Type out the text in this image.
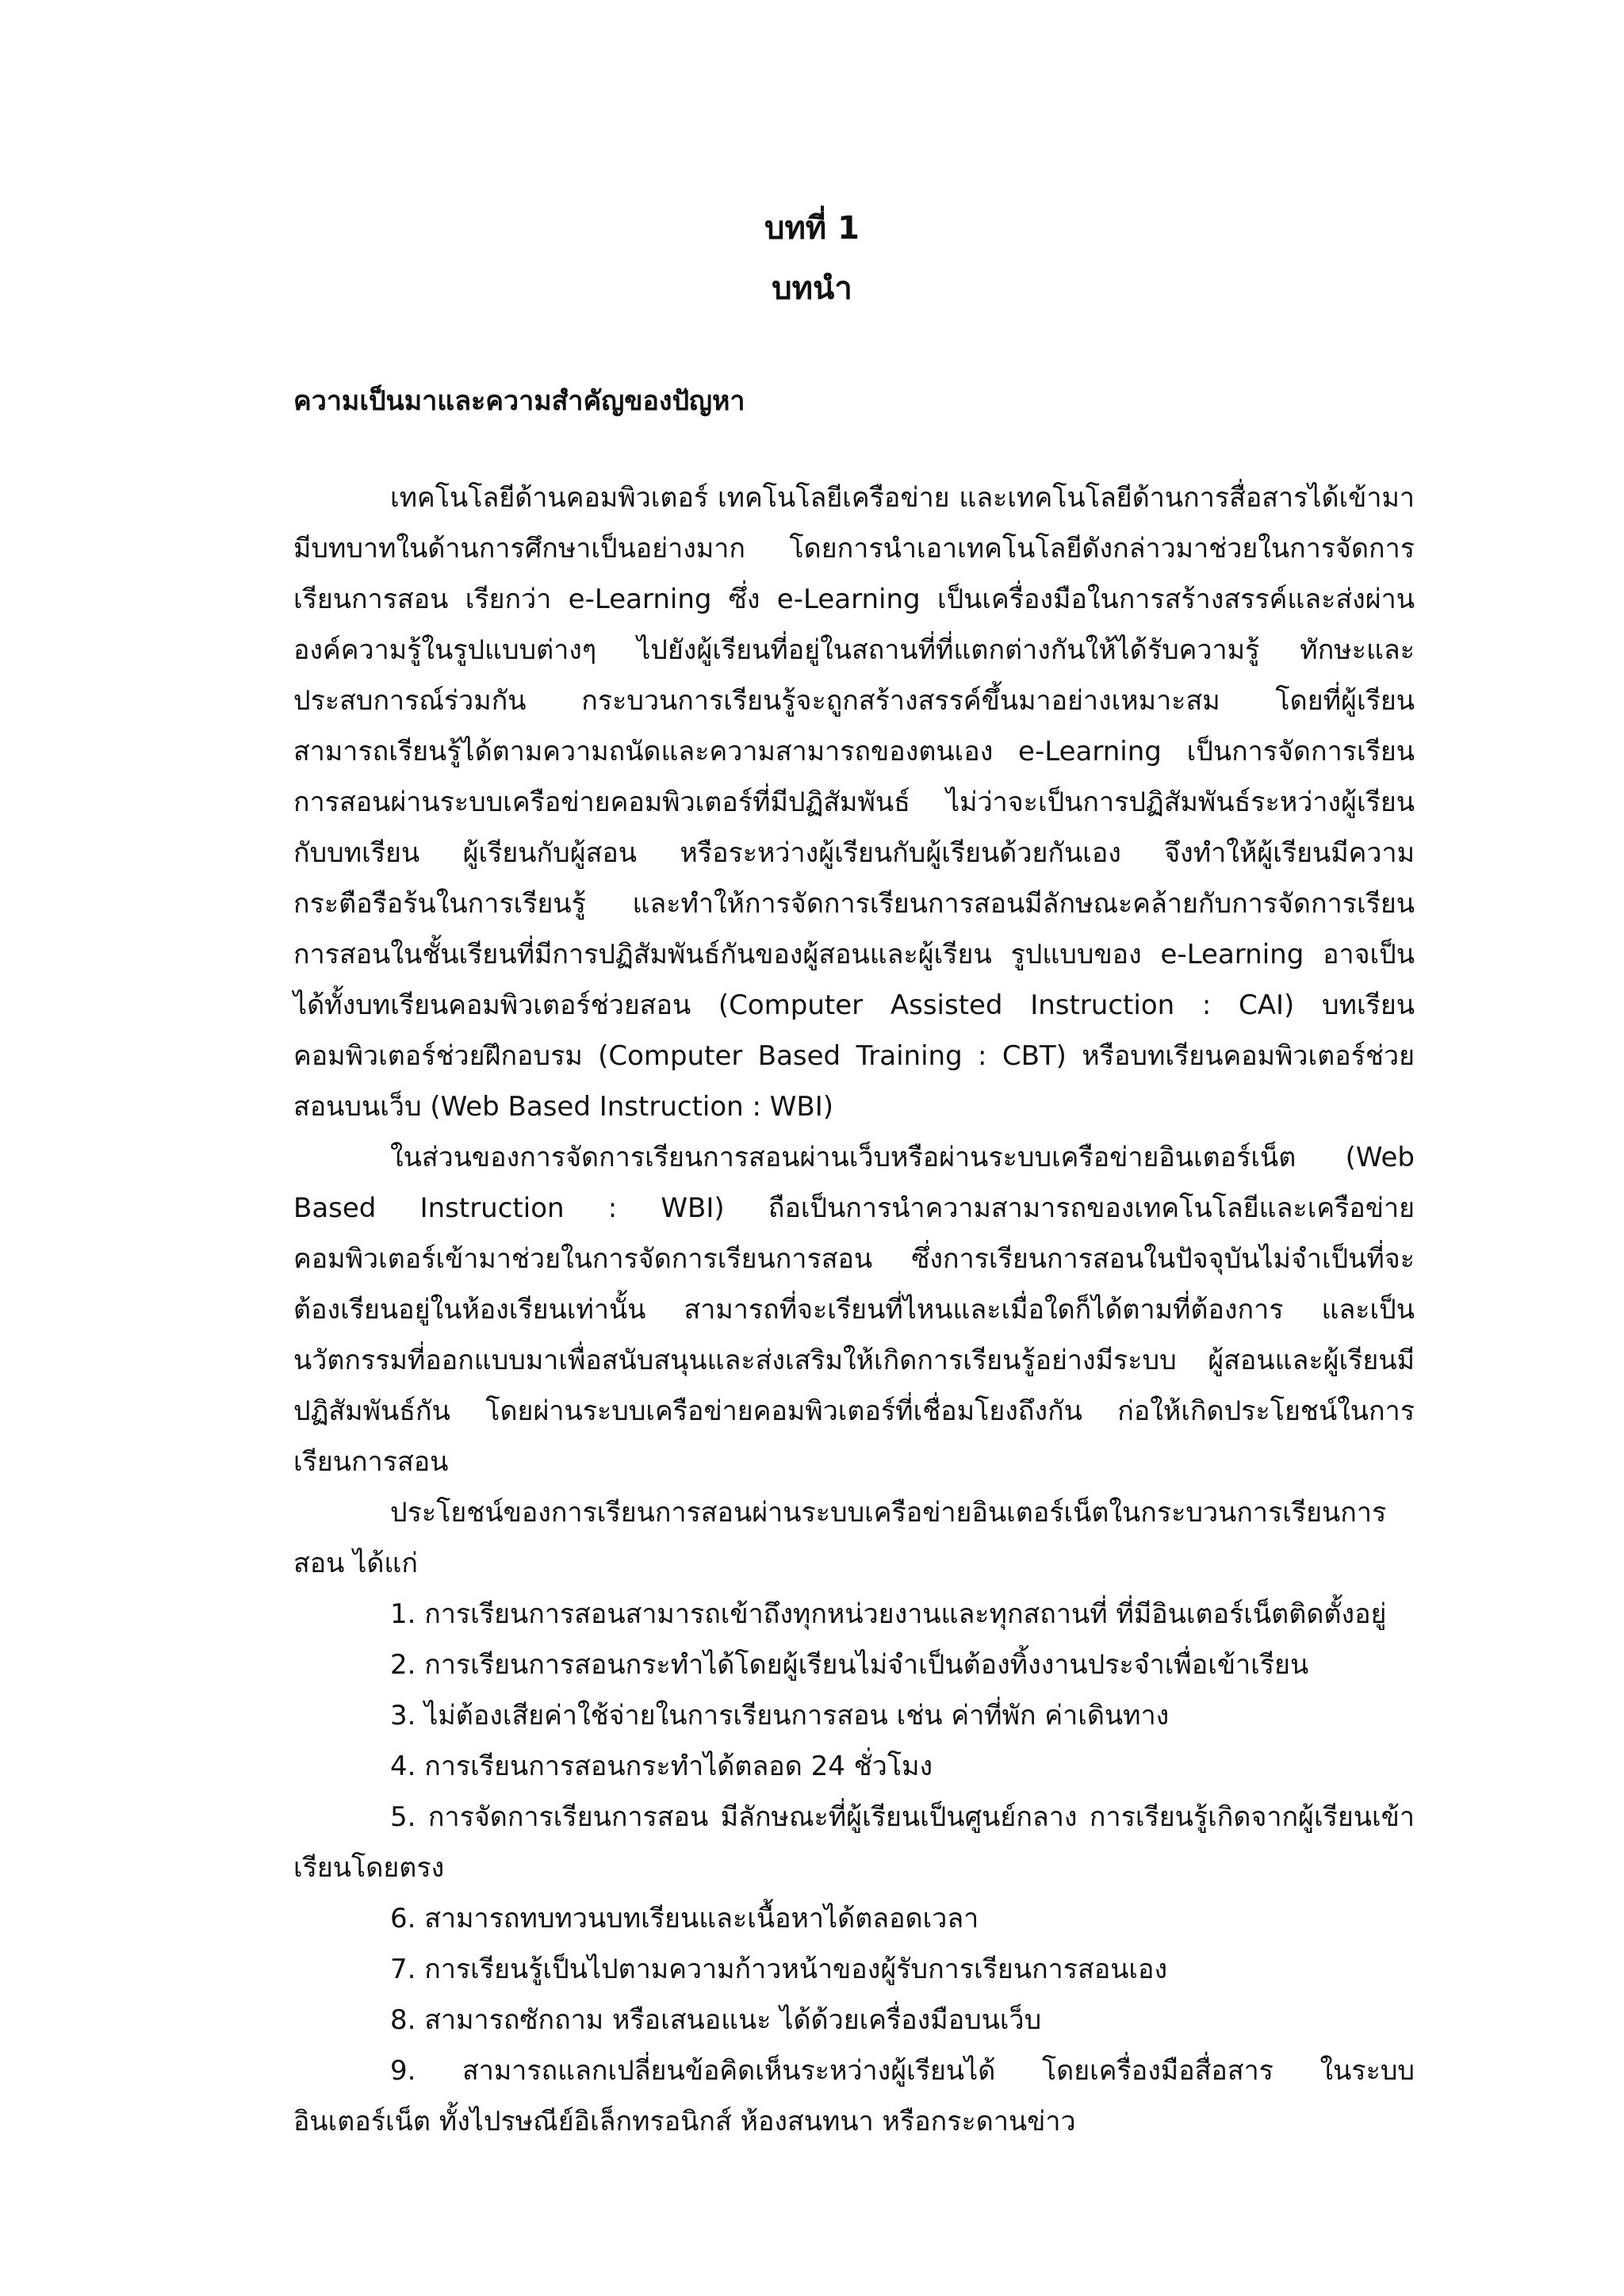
บทที่ 1
บทนำ
ความเป็นมาและความสำคัญของปัญหา

เทคโนโลยีด้านคอมพิวเตอร์ เทคโนโลยีเครือข่าย และเทคโนโลยีด้านการสื่อสารได้เข้ามามีบทบาทในด้านการศึกษาเป็นอย่างมาก โดยการนำเอาเทคโนโลยีดังกล่าวมาช่วยในการจัดการเรียนการสอน เรียกว่า e-Learning ซึ่ง e-Learning เป็นเครื่องมือในการสร้างสรรค์และส่งผ่านองค์ความรู้ในรูปแบบต่างๆ ไปยังผู้เรียนที่อยู่ในสถานที่ที่แตกต่างกันให้ได้รับความรู้ ทักษะและประสบการณ์ร่วมกัน กระบวนการเรียนรู้จะถูกสร้างสรรค์ขึ้นมาอย่างเหมาะสม โดยที่ผู้เรียนสามารถเรียนรู้ได้ตามความถนัดและความสามารถของตนเอง e-Learning เป็นการจัดการเรียนการสอนผ่านระบบเครือข่ายคอมพิวเตอร์ที่มีปฏิสัมพันธ์ ไม่ว่าจะเป็นการปฏิสัมพันธ์ระหว่างผู้เรียนกับบทเรียน ผู้เรียนกับผู้สอน หรือระหว่างผู้เรียนกับผู้เรียนด้วยกันเอง จึงทำให้ผู้เรียนมีความกระตือรือร้นในการเรียนรู้ และทำให้การจัดการเรียนการสอนมีลักษณะคล้ายกับการจัดการเรียนการสอนในชั้นเรียนที่มีการปฏิสัมพันธ์กันของผู้สอนและผู้เรียน รูปแบบของ e-Learning อาจเป็นได้ทั้งบทเรียนคอมพิวเตอร์ช่วยสอน (Computer Assisted Instruction : CAI) บทเรียนคอมพิวเตอร์ช่วยฝึกอบรม (Computer Based Training : CBT) หรือบทเรียนคอมพิวเตอร์ช่วยสอนบนเว็บ (Web Based Instruction : WBI)

ในส่วนของการจัดการเรียนการสอนผ่านเว็บหรือผ่านระบบเครือข่ายอินเตอร์เน็ต (Web Based Instruction : WBI) ถือเป็นการนำความสามารถของเทคโนโลยีและเครือข่ายคอมพิวเตอร์เข้ามาช่วยในการจัดการเรียนการสอน ซึ่งการเรียนการสอนในปัจจุบันไม่จำเป็นที่จะต้องเรียนอยู่ในห้องเรียนเท่านั้น สามารถที่จะเรียนที่ไหนและเมื่อใดก็ได้ตามที่ต้องการ และเป็นนวัตกรรมที่ออกแบบมาเพื่อสนับสนุนและส่งเสริมให้เกิดการเรียนรู้อย่างมีระบบ ผู้สอนและผู้เรียนมีปฏิสัมพันธ์กัน โดยผ่านระบบเครือข่ายคอมพิวเตอร์ที่เชื่อมโยงถึงกัน ก่อให้เกิดประโยชน์ในการเรียนการสอน

ประโยชน์ของการเรียนการสอนผ่านระบบเครือข่ายอินเตอร์เน็ตในกระบวนการเรียนการสอน ได้แก่

1. การเรียนการสอนสามารถเข้าถึงทุกหน่วยงานและทุกสถานที่ ที่มีอินเตอร์เน็ตติดตั้งอยู่
2. การเรียนการสอนกระทำได้โดยผู้เรียนไม่จำเป็นต้องทิ้งงานประจำเพื่อเข้าเรียน
3. ไม่ต้องเสียค่าใช้จ่ายในการเรียนการสอน เช่น ค่าที่พัก ค่าเดินทาง
4. การเรียนการสอนกระทำได้ตลอด 24 ชั่วโมง
5. การจัดการเรียนการสอน มีลักษณะที่ผู้เรียนเป็นศูนย์กลาง การเรียนรู้เกิดจากผู้เรียนเข้าเรียนโดยตรง
6. สามารถทบทวนบทเรียนและเนื้อหาได้ตลอดเวลา
7. การเรียนรู้เป็นไปตามความก้าวหน้าของผู้รับการเรียนการสอนเอง
8. สามารถซักถาม หรือเสนอแนะ ได้ด้วยเครื่องมือบนเว็บ
9. สามารถแลกเปลี่ยนข้อคิดเห็นระหว่างผู้เรียนได้ โดยเครื่องมือสื่อสาร ในระบบอินเตอร์เน็ต ทั้งไปรษณีย์อิเล็กทรอนิกส์ ห้องสนทนา หรือกระดานข่าว
